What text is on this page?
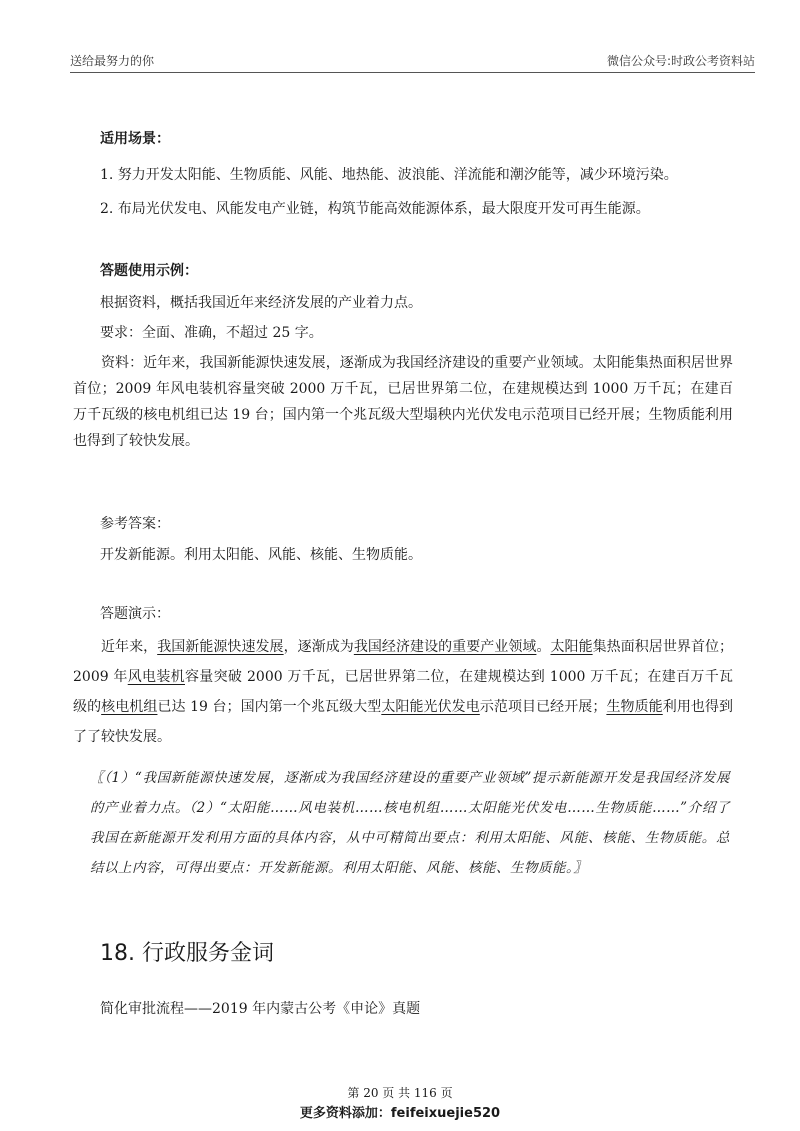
送给最努力的你	微信公众号:时政公考资料站
适用场景：
1. 努力开发太阳能、生物质能、风能、地热能、波浪能、洋流能和潮汐能等，减少环境污染。
2. 布局光伏发电、风能发电产业链，构筑节能高效能源体系，最大限度开发可再生能源。
答题使用示例：
根据资料，概括我国近年来经济发展的产业着力点。
要求：全面、准确，不超过 25 字。
资料：近年来，我国新能源快速发展，逐渐成为我国经济建设的重要产业领域。太阳能集热面积居世界首位；2009 年风电装机容量突破 2000 万千瓦，已居世界第二位，在建规模达到 1000 万千瓦；在建百万千瓦级的核电机组已达 19 台；国内第一个兆瓦级大型塌秧内光伏发电示范项目已经开展；生物质能利用也得到了较快发展。
参考答案：
开发新能源。利用太阳能、风能、核能、生物质能。
答题演示：
近年来，我国新能源快速发展，逐渐成为我国经济建设的重要产业领域。太阳能集热面积居世界首位；2009 年风电装机容量突破 2000 万千瓦，已居世界第二位，在建规模达到 1000 万千瓦；在建百万千瓦级的核电机组已达 19 台；国内第一个兆瓦级大型太阳能光伏发电示范项目已经开展；生物质能利用也得到了了较快发展。
〖（1）“我国新能源快速发展，逐渐成为我国经济建设的重要产业领域”提示新能源开发是我国经济发展的产业着力点。（2）“太阳能……风电装机……核电机组……太阳能光伏发电……生物质能……”介绍了我国在新能源开发利用方面的具体内容，从中可精简出要点：利用太阳能、风能、核能、生物质能。总结以上内容，可得出要点：开发新能源。利用太阳能、风能、核能、生物质能。〗
18. 行政服务金词
简化审批流程——2019 年内蒙古公考《申论》真题
第 20 页 共 116 页
更多资料添加：feifeixuejie520
